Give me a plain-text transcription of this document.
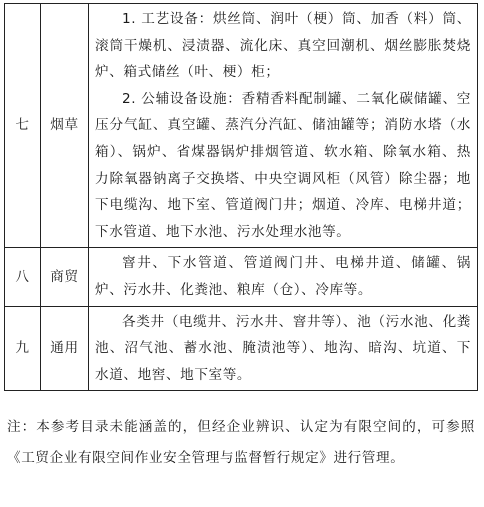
七	烟草	1. 工艺设备：烘丝筒、润叶（梗）筒、加香（料）筒、滚筒干燥机、浸渍器、流化床、真空回潮机、烟丝膨胀焚烧炉、箱式储丝（叶、梗）柜；
2. 公辅设备设施：香精香料配制罐、二氧化碳储罐、空压分气缸、真空罐、蒸汽分汽缸、储油罐等；消防水塔（水箱）、锅炉、省煤器锅炉排烟管道、软水箱、除氧水箱、热力除氧器钠离子交换塔、中央空调风柜（风管）除尘器；地下电缆沟、地下室、管道阀门井；烟道、冷库、电梯井道；下水管道、地下水池、污水处理水池等。

八	商贸	窨井、下水管道、管道阀门井、电梯井道、储罐、锅炉、污水井、化粪池、粮库（仓）、冷库等。

九	通用	各类井（电缆井、污水井、窨井等）、池（污水池、化粪池、沼气池、蓄水池、腌渍池等）、地沟、暗沟、坑道、下水道、地窖、地下室等。
注：本参考目录未能涵盖的，但经企业辨识、认定为有限空间的，可参照《工贸企业有限空间作业安全管理与监督暂行规定》进行管理。
